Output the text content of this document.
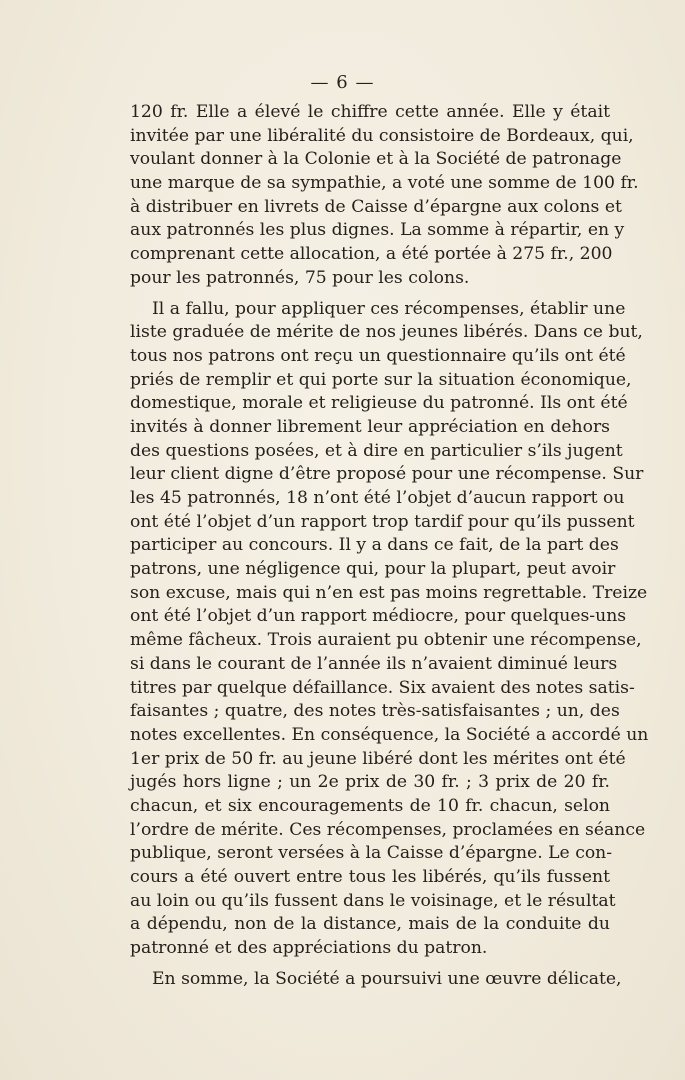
— 6 —
120 fr. Elle a élevé le chiffre cette année. Elle y était
invitée par une libéralité du consistoire de Bordeaux, qui,
voulant donner à la Colonie et à la Société de patronage
une marque de sa sympathie, a voté une somme de 100 fr.
à distribuer en livrets de Caisse d’épargne aux colons et
aux patronnés les plus dignes. La somme à répartir, en y
comprenant cette allocation, a été portée à 275 fr., 200
pour les patronnés, 75 pour les colons.
Il a fallu, pour appliquer ces récompenses, établir une
liste graduée de mérite de nos jeunes libérés. Dans ce but,
tous nos patrons ont reçu un questionnaire qu’ils ont été
priés de remplir et qui porte sur la situation économique,
domestique, morale et religieuse du patronné. Ils ont été
invités à donner librement leur appréciation en dehors
des questions posées, et à dire en particulier s’ils jugent
leur client digne d’être proposé pour une récompense. Sur
les 45 patronnés, 18 n’ont été l’objet d’aucun rapport ou
ont été l’objet d’un rapport trop tardif pour qu’ils pussent
participer au concours. Il y a dans ce fait, de la part des
patrons, une négligence qui, pour la plupart, peut avoir
son excuse, mais qui n’en est pas moins regrettable. Treize
ont été l’objet d’un rapport médiocre, pour quelques-uns
même fâcheux. Trois auraient pu obtenir une récompense,
si dans le courant de l’année ils n’avaient diminué leurs
titres par quelque défaillance. Six avaient des notes satis-
faisantes ; quatre, des notes très-satisfaisantes ; un, des
notes excellentes. En conséquence, la Société a accordé un
1er prix de 50 fr. au jeune libéré dont les mérites ont été
jugés hors ligne ; un 2e prix de 30 fr. ; 3 prix de 20 fr.
chacun, et six encouragements de 10 fr. chacun, selon
l’ordre de mérite. Ces récompenses, proclamées en séance
publique, seront versées à la Caisse d’épargne. Le con-
cours a été ouvert entre tous les libérés, qu’ils fussent
au loin ou qu’ils fussent dans le voisinage, et le résultat
a dépendu, non de la distance, mais de la conduite du
patronné et des appréciations du patron.
En somme, la Société a poursuivi une œuvre délicate,
